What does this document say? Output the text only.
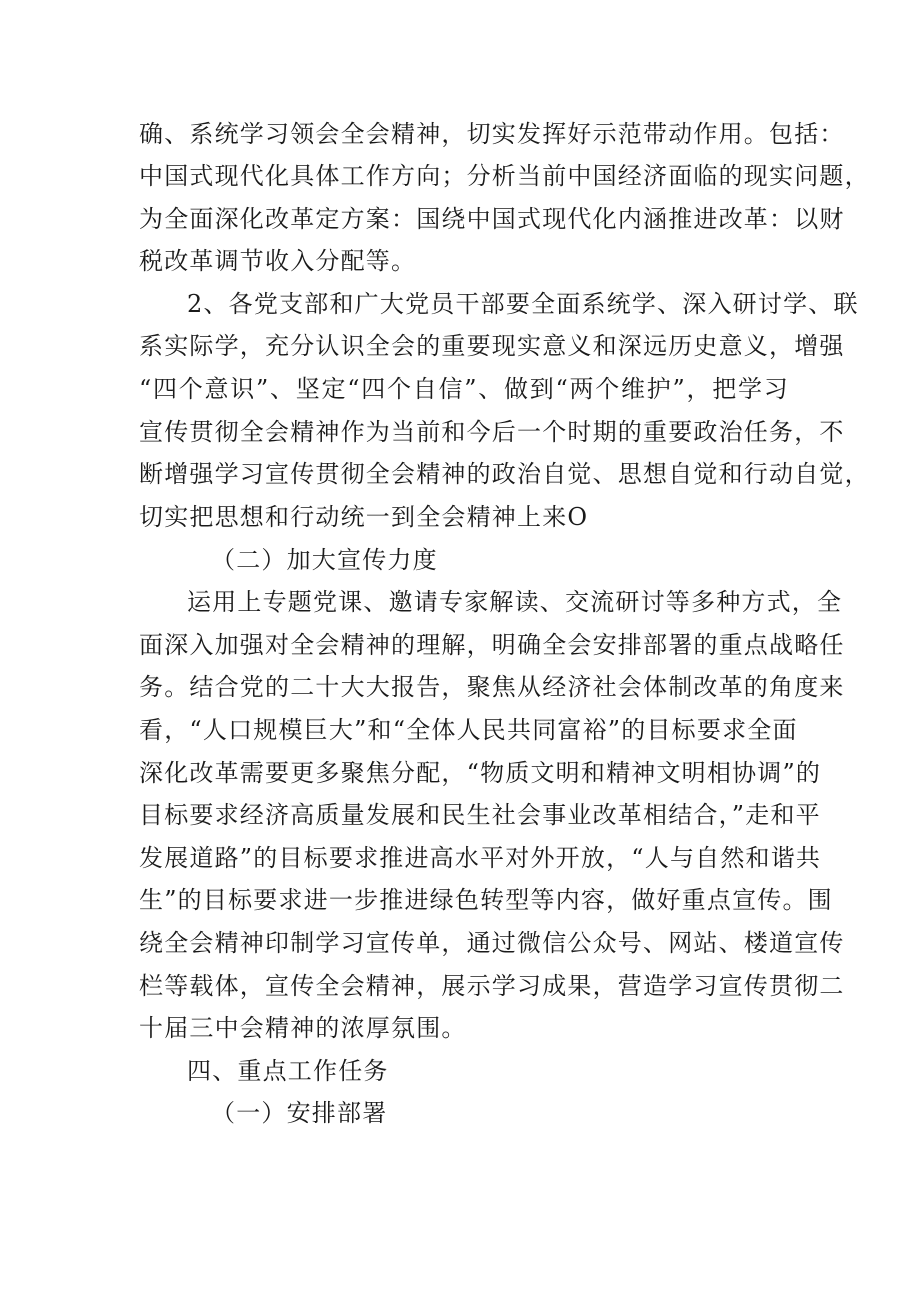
确、系统学习领会全会精神，切实发挥好示范带动作用。包括：
中国式现代化具体工作方向；分析当前中国经济面临的现实问题，
为全面深化改革定方案：国绕中国式现代化内涵推进改革：以财
税改革调节收入分配等。
2、各党支部和广大党员干部要全面系统学、深入研讨学、联
系实际学，充分认识全会的重要现实意义和深远历史意义，增强
“四个意识”、坚定“四个自信”、做到“两个维护”，把学习
宣传贯彻全会精神作为当前和今后一个时期的重要政治任务，不
断增强学习宣传贯彻全会精神的政治自觉、思想自觉和行动自觉，
切实把思想和行动统一到全会精神上来O
（二）加大宣传力度
运用上专题党课、邀请专家解读、交流研讨等多种方式，全
面深入加强对全会精神的理解，明确全会安排部署的重点战略任
务。结合党的二十大大报告，聚焦从经济社会体制改革的角度来
看，“人口规模巨大”和“全体人民共同富裕”的目标要求全面
深化改革需要更多聚焦分配，“物质文明和精神文明相协调”的
目标要求经济高质量发展和民生社会事业改革相结合，”走和平
发展道路”的目标要求推进高水平对外开放，“人与自然和谐共
生”的目标要求进一步推进绿色转型等内容，做好重点宣传。围
绕全会精神印制学习宣传单，通过微信公众号、网站、楼道宣传
栏等载体，宣传全会精神，展示学习成果，营造学习宣传贯彻二
十届三中会精神的浓厚氛围。
四、重点工作任务
（一）安排部署
